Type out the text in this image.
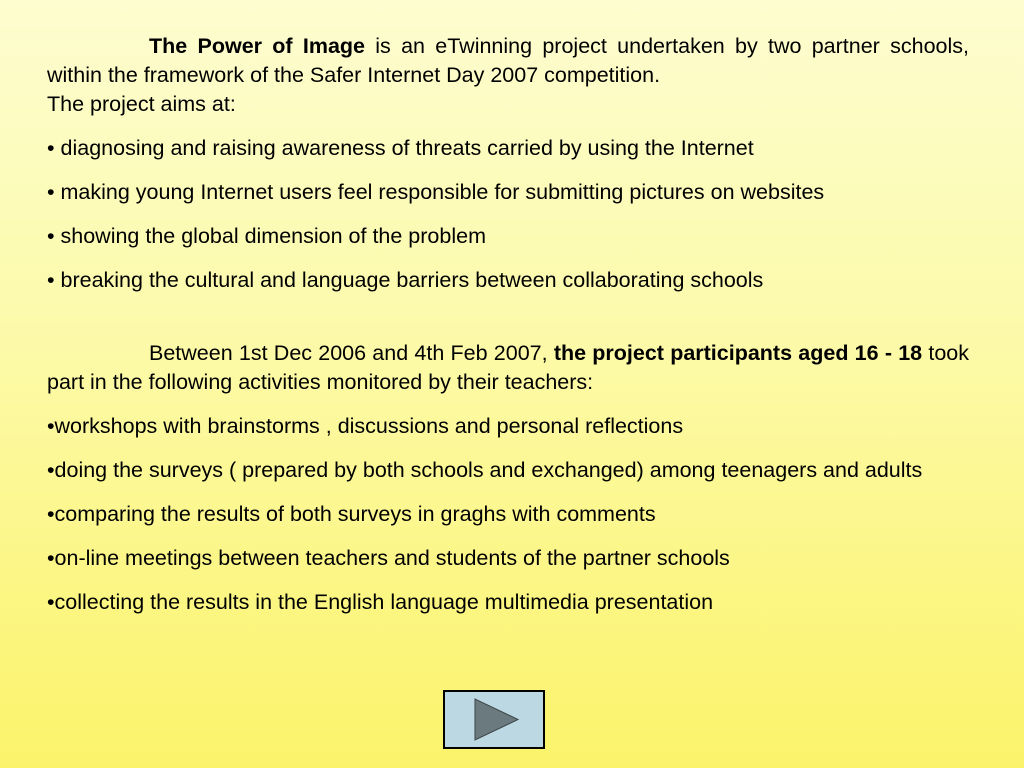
The Power of Image is an eTwinning project undertaken by two partner schools, within the framework of the Safer Internet Day 2007 competition.

The project aims at:

• diagnosing and raising awareness of threats carried by using the Internet

• making young Internet users feel responsible for submitting pictures on websites

• showing the global dimension of the problem

• breaking the cultural and language barriers between collaborating schools

Between 1st Dec 2006 and 4th Feb 2007, the project participants aged 16 - 18 took part in the following activities monitored by their teachers:

•workshops with brainstorms , discussions and personal reflections

•doing the surveys ( prepared by both schools and exchanged) among teenagers and adults

•comparing the results of both surveys in graghs with comments

•on-line meetings between teachers and students of the partner schools

•collecting the results in the English language multimedia presentation
